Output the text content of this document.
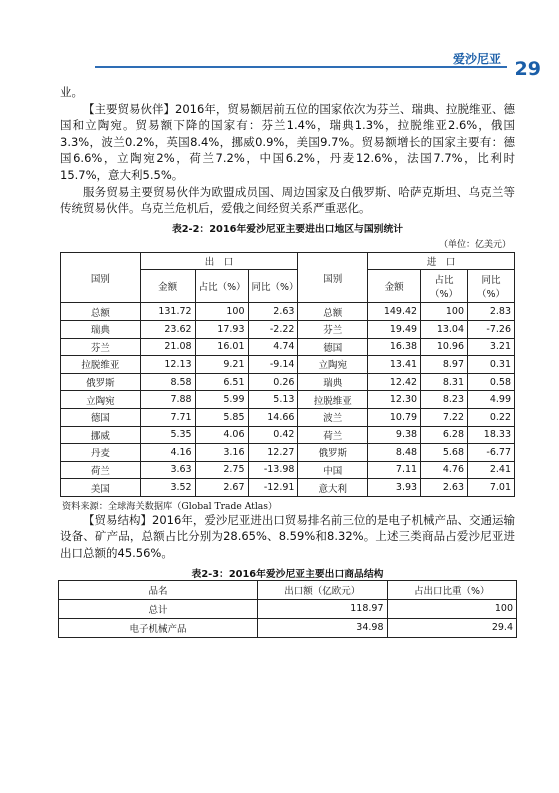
爱沙尼亚 29

业。

【主要贸易伙伴】2016年，贸易额居前五位的国家依次为芬兰、瑞典、拉脱维亚、德国和立陶宛。贸易额下降的国家有：芬兰1.4%，瑞典1.3%，拉脱维亚2.6%，俄国3.3%，波兰0.2%，英国8.4%，挪威0.9%，美国9.7%。贸易额增长的国家主要有：德国6.6%，立陶宛2%，荷兰7.2%，中国6.2%，丹麦12.6%，法国7.7%，比利时15.7%，意大利5.5%。

服务贸易主要贸易伙伴为欧盟成员国、周边国家及白俄罗斯、哈萨克斯坦、乌克兰等传统贸易伙伴。乌克兰危机后，爱俄之间经贸关系严重恶化。

表2-2：2016年爱沙尼亚主要进出口地区与国别统计
（单位：亿美元）
国别	出　口			国别	进　口		
	金额	占比（%）	同比（%）		金额	占比（%）	同比（%）
总额	131.72	100	2.63	总额	149.42	100	2.83
瑞典	23.62	17.93	-2.22	芬兰	19.49	13.04	-7.26
芬兰	21.08	16.01	4.74	德国	16.38	10.96	3.21
拉脱维亚	12.13	9.21	-9.14	立陶宛	13.41	8.97	0.31
俄罗斯	8.58	6.51	0.26	瑞典	12.42	8.31	0.58
立陶宛	7.88	5.99	5.13	拉脱维亚	12.30	8.23	4.99
德国	7.71	5.85	14.66	波兰	10.79	7.22	0.22
挪威	5.35	4.06	0.42	荷兰	9.38	6.28	18.33
丹麦	4.16	3.16	12.27	俄罗斯	8.48	5.68	-6.77
荷兰	3.63	2.75	-13.98	中国	7.11	4.76	2.41
美国	3.52	2.67	-12.91	意大利	3.93	2.63	7.01
资料来源：全球海关数据库（Global Trade Atlas）

【贸易结构】2016年，爱沙尼亚进出口贸易排名前三位的是电子机械产品、交通运输设备、矿产品，总额占比分别为28.65%、8.59%和8.32%。上述三类商品占爱沙尼亚进出口总额的45.56%。

表2-3：2016年爱沙尼亚主要出口商品结构
品名	出口额（亿欧元）	占出口比重（%）
总计	118.97	100
电子机械产品	34.98	29.4
